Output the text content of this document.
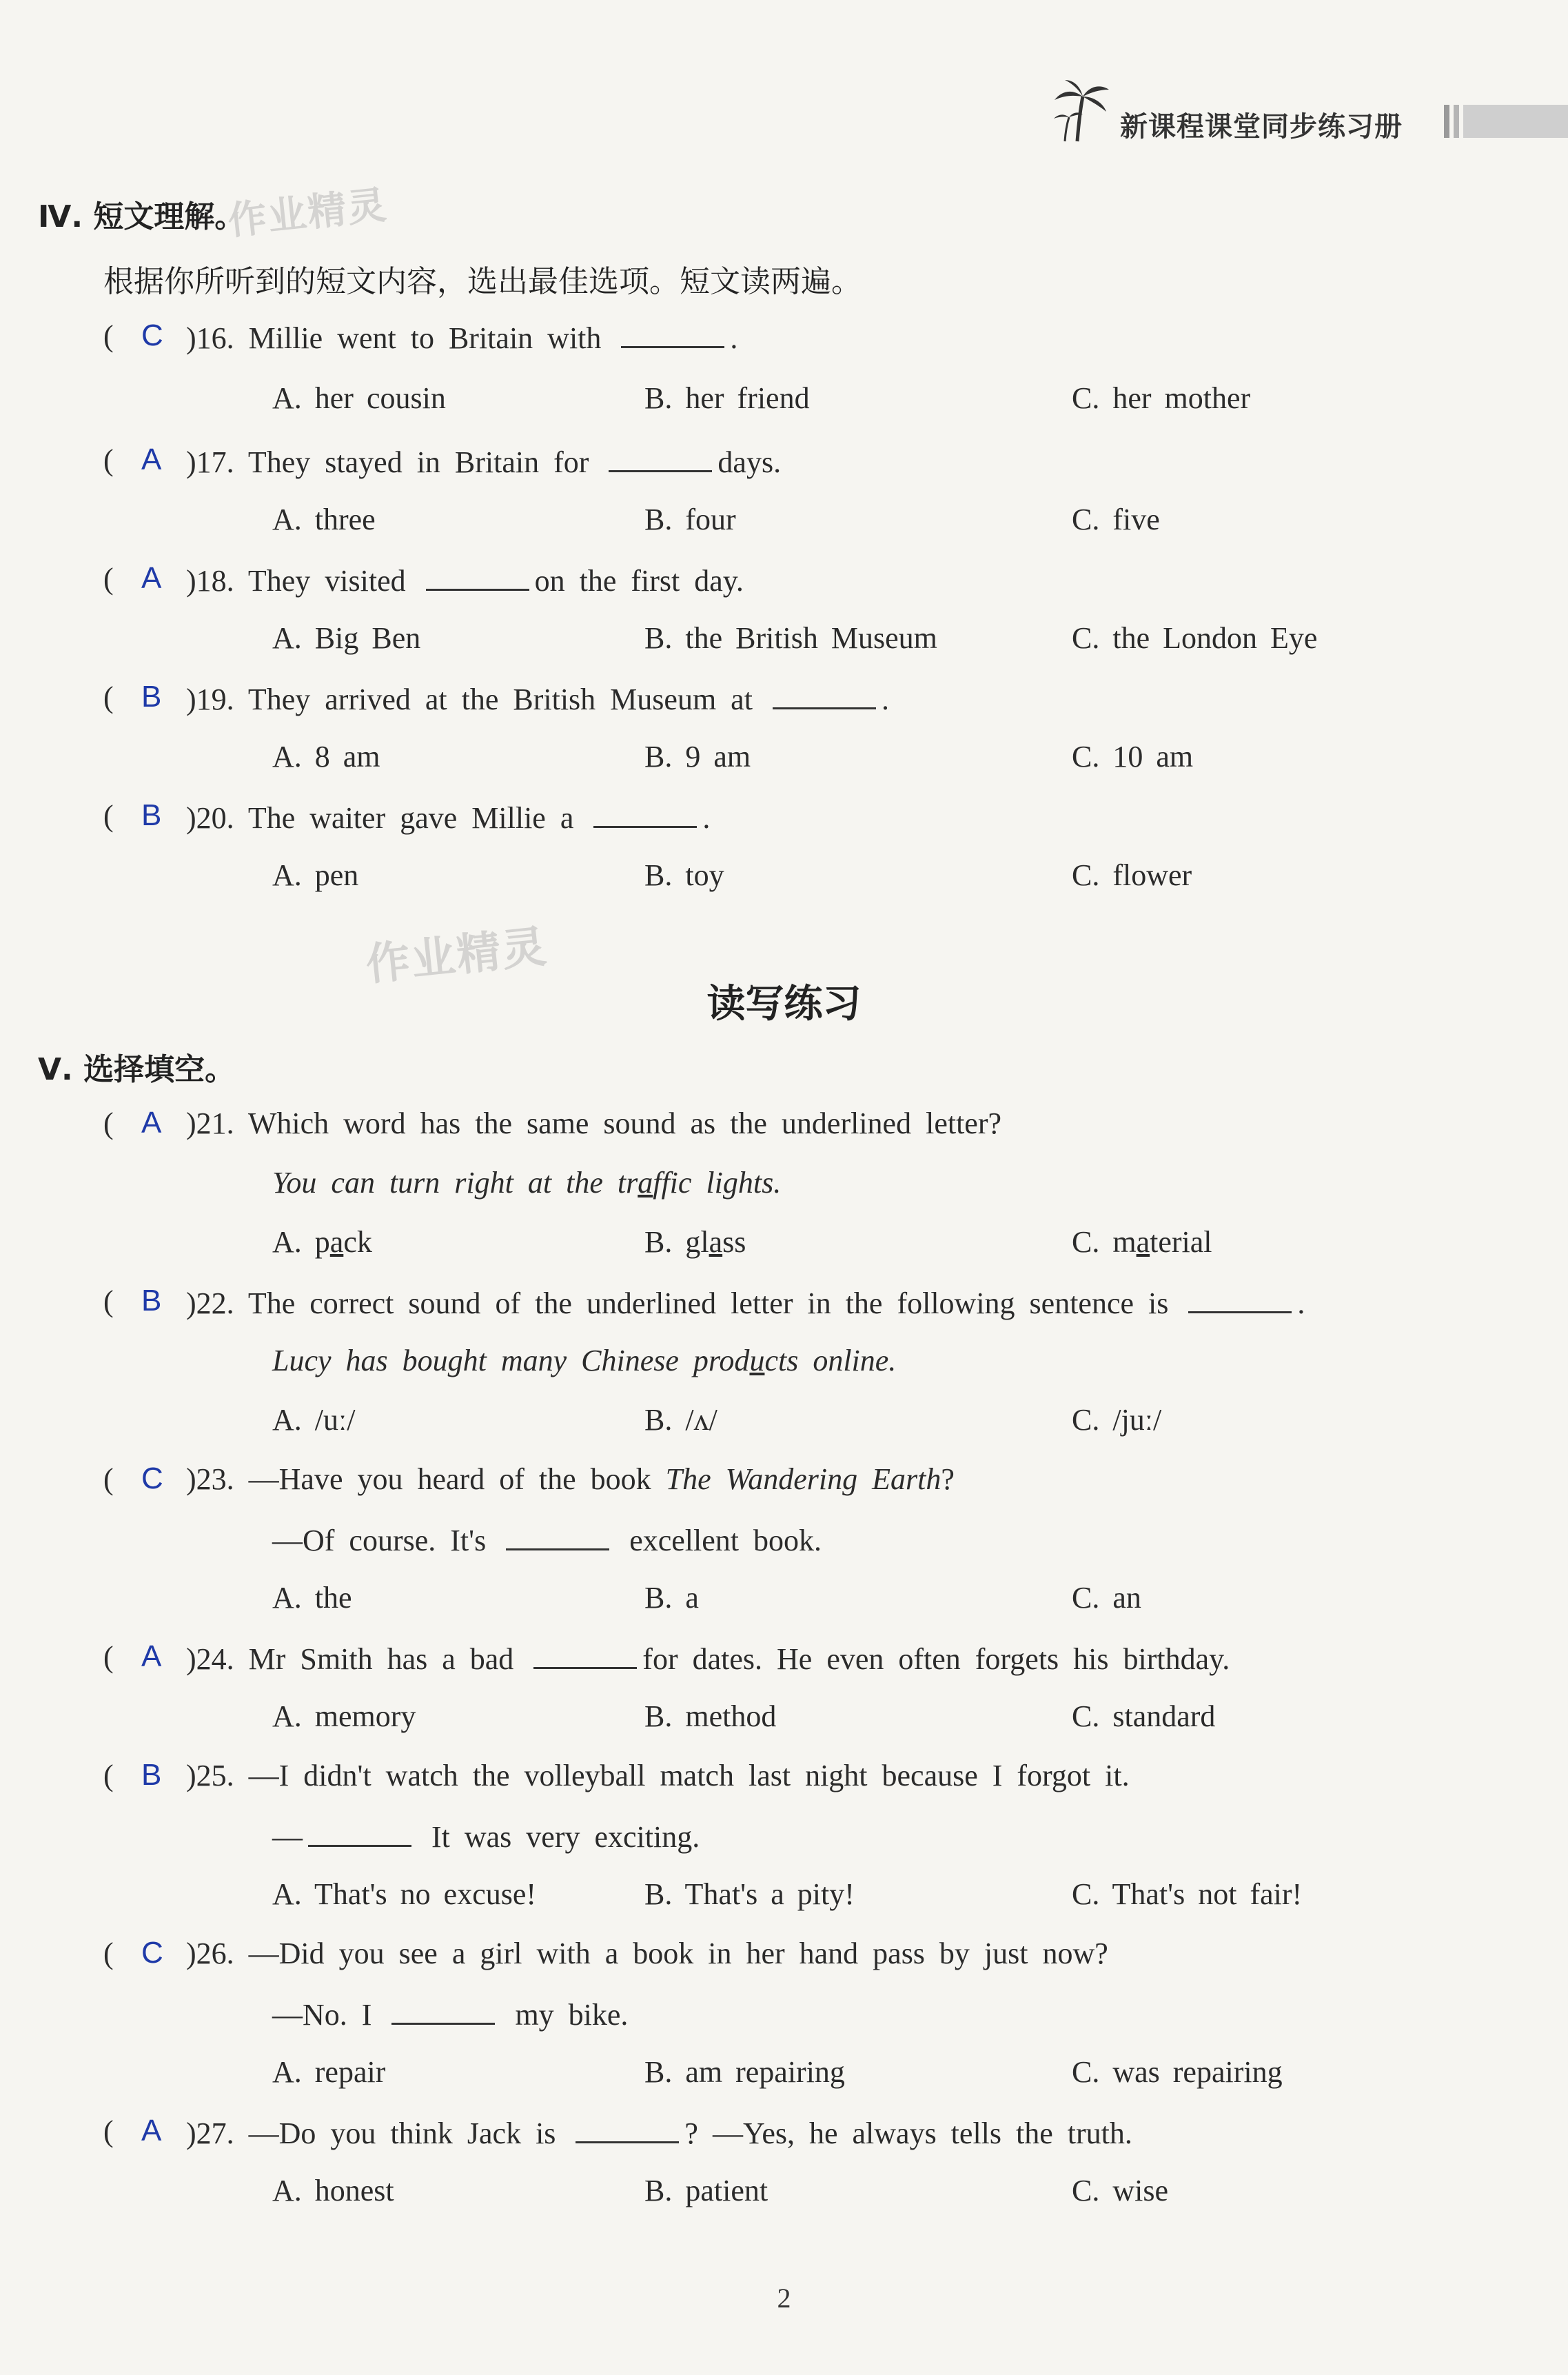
新课程课堂同步练习册
作业精灵
作业精灵
Ⅳ. 短文理解。
根据你所听到的短文内容，选出最佳选项。短文读两遍。
( C )16. Millie went to Britain with	.
A. her cousin	B. her friend	C. her mother
( A )17. They stayed in Britain for	days.
A. three	B. four	C. five
( A )18. They visited	on the first day.
A. Big Ben	B. the British Museum	C. the London Eye
( B )19. They arrived at the British Museum at	.
A. 8 am	B. 9 am	C. 10 am
( B )20. The waiter gave Millie a	.
A. pen	B. toy	C. flower
读写练习
Ⅴ. 选择填空。
( A )21. Which word has the same sound as the underlined letter?
You can turn right at the traffic lights.
A. pack	B. glass	C. material
( B )22. The correct sound of the underlined letter in the following sentence is	.
Lucy has bought many Chinese products online.
A. /uː/	B. /ʌ/	C. /juː/
( C )23. —Have you heard of the book The Wandering Earth?
—Of course. It's	excellent book.
A. the	B. a	C. an
( A )24. Mr Smith has a bad	for dates. He even often forgets his birthday.
A. memory	B. method	C. standard
( B )25. —I didn't watch the volleyball match last night because I forgot it.
—	It was very exciting.
A. That's no excuse!	B. That's a pity!	C. That's not fair!
( C )26. —Did you see a girl with a book in her hand pass by just now?
—No. I	my bike.
A. repair	B. am repairing	C. was repairing
( A )27. —Do you think Jack is	? —Yes, he always tells the truth.
A. honest	B. patient	C. wise
2
